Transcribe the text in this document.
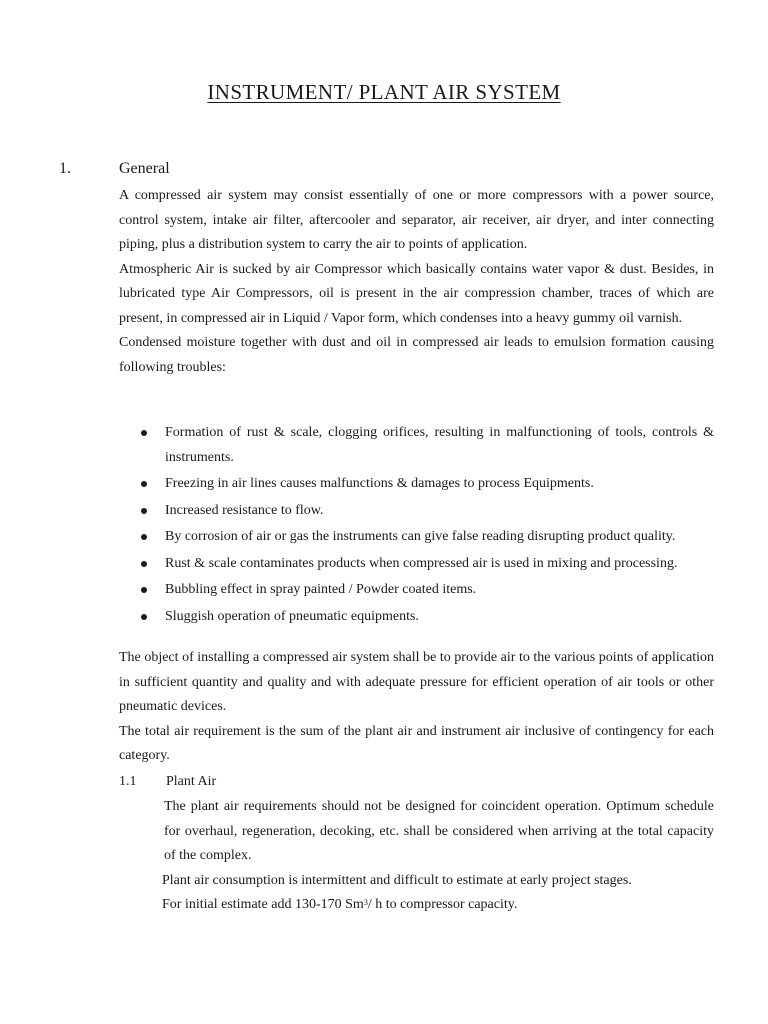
INSTRUMENT/ PLANT AIR SYSTEM
1.	General

A compressed air system may consist essentially of one or more compressors with a power source, control system, intake air filter, aftercooler and separator, air receiver, air dryer, and inter connecting piping, plus a distribution system to carry the air to points of application.

Atmospheric Air is sucked by air Compressor which basically contains water vapor & dust. Besides, in lubricated type Air Compressors, oil is present in the air compression chamber, traces of which are present, in compressed air in Liquid / Vapor form, which condenses into a heavy gummy oil varnish.

Condensed moisture together with dust and oil in compressed air leads to emulsion formation causing following troubles:

Formation of rust & scale, clogging orifices, resulting in malfunctioning of tools, controls & instruments.
Freezing in air lines causes malfunctions & damages to process Equipments.
Increased resistance to flow.
By corrosion of air or gas the instruments can give false reading disrupting product quality.
Rust & scale contaminates products when compressed air is used in mixing and processing.
Bubbling effect in spray painted / Powder coated items.
Sluggish operation of pneumatic equipments.

The object of installing a compressed air system shall be to provide air to the various points of application in sufficient quantity and quality and with adequate pressure for efficient operation of air tools or other pneumatic devices.

The total air requirement is the sum of the plant air and instrument air inclusive of contingency for each category.

1.1 Plant Air

The plant air requirements should not be designed for coincident operation. Optimum schedule for overhaul, regeneration, decoking, etc. shall be considered when arriving at the total capacity of the complex.

Plant air consumption is intermittent and difficult to estimate at early project stages.

For initial estimate add 130-170 Sm$^3$/ h to compressor capacity.
